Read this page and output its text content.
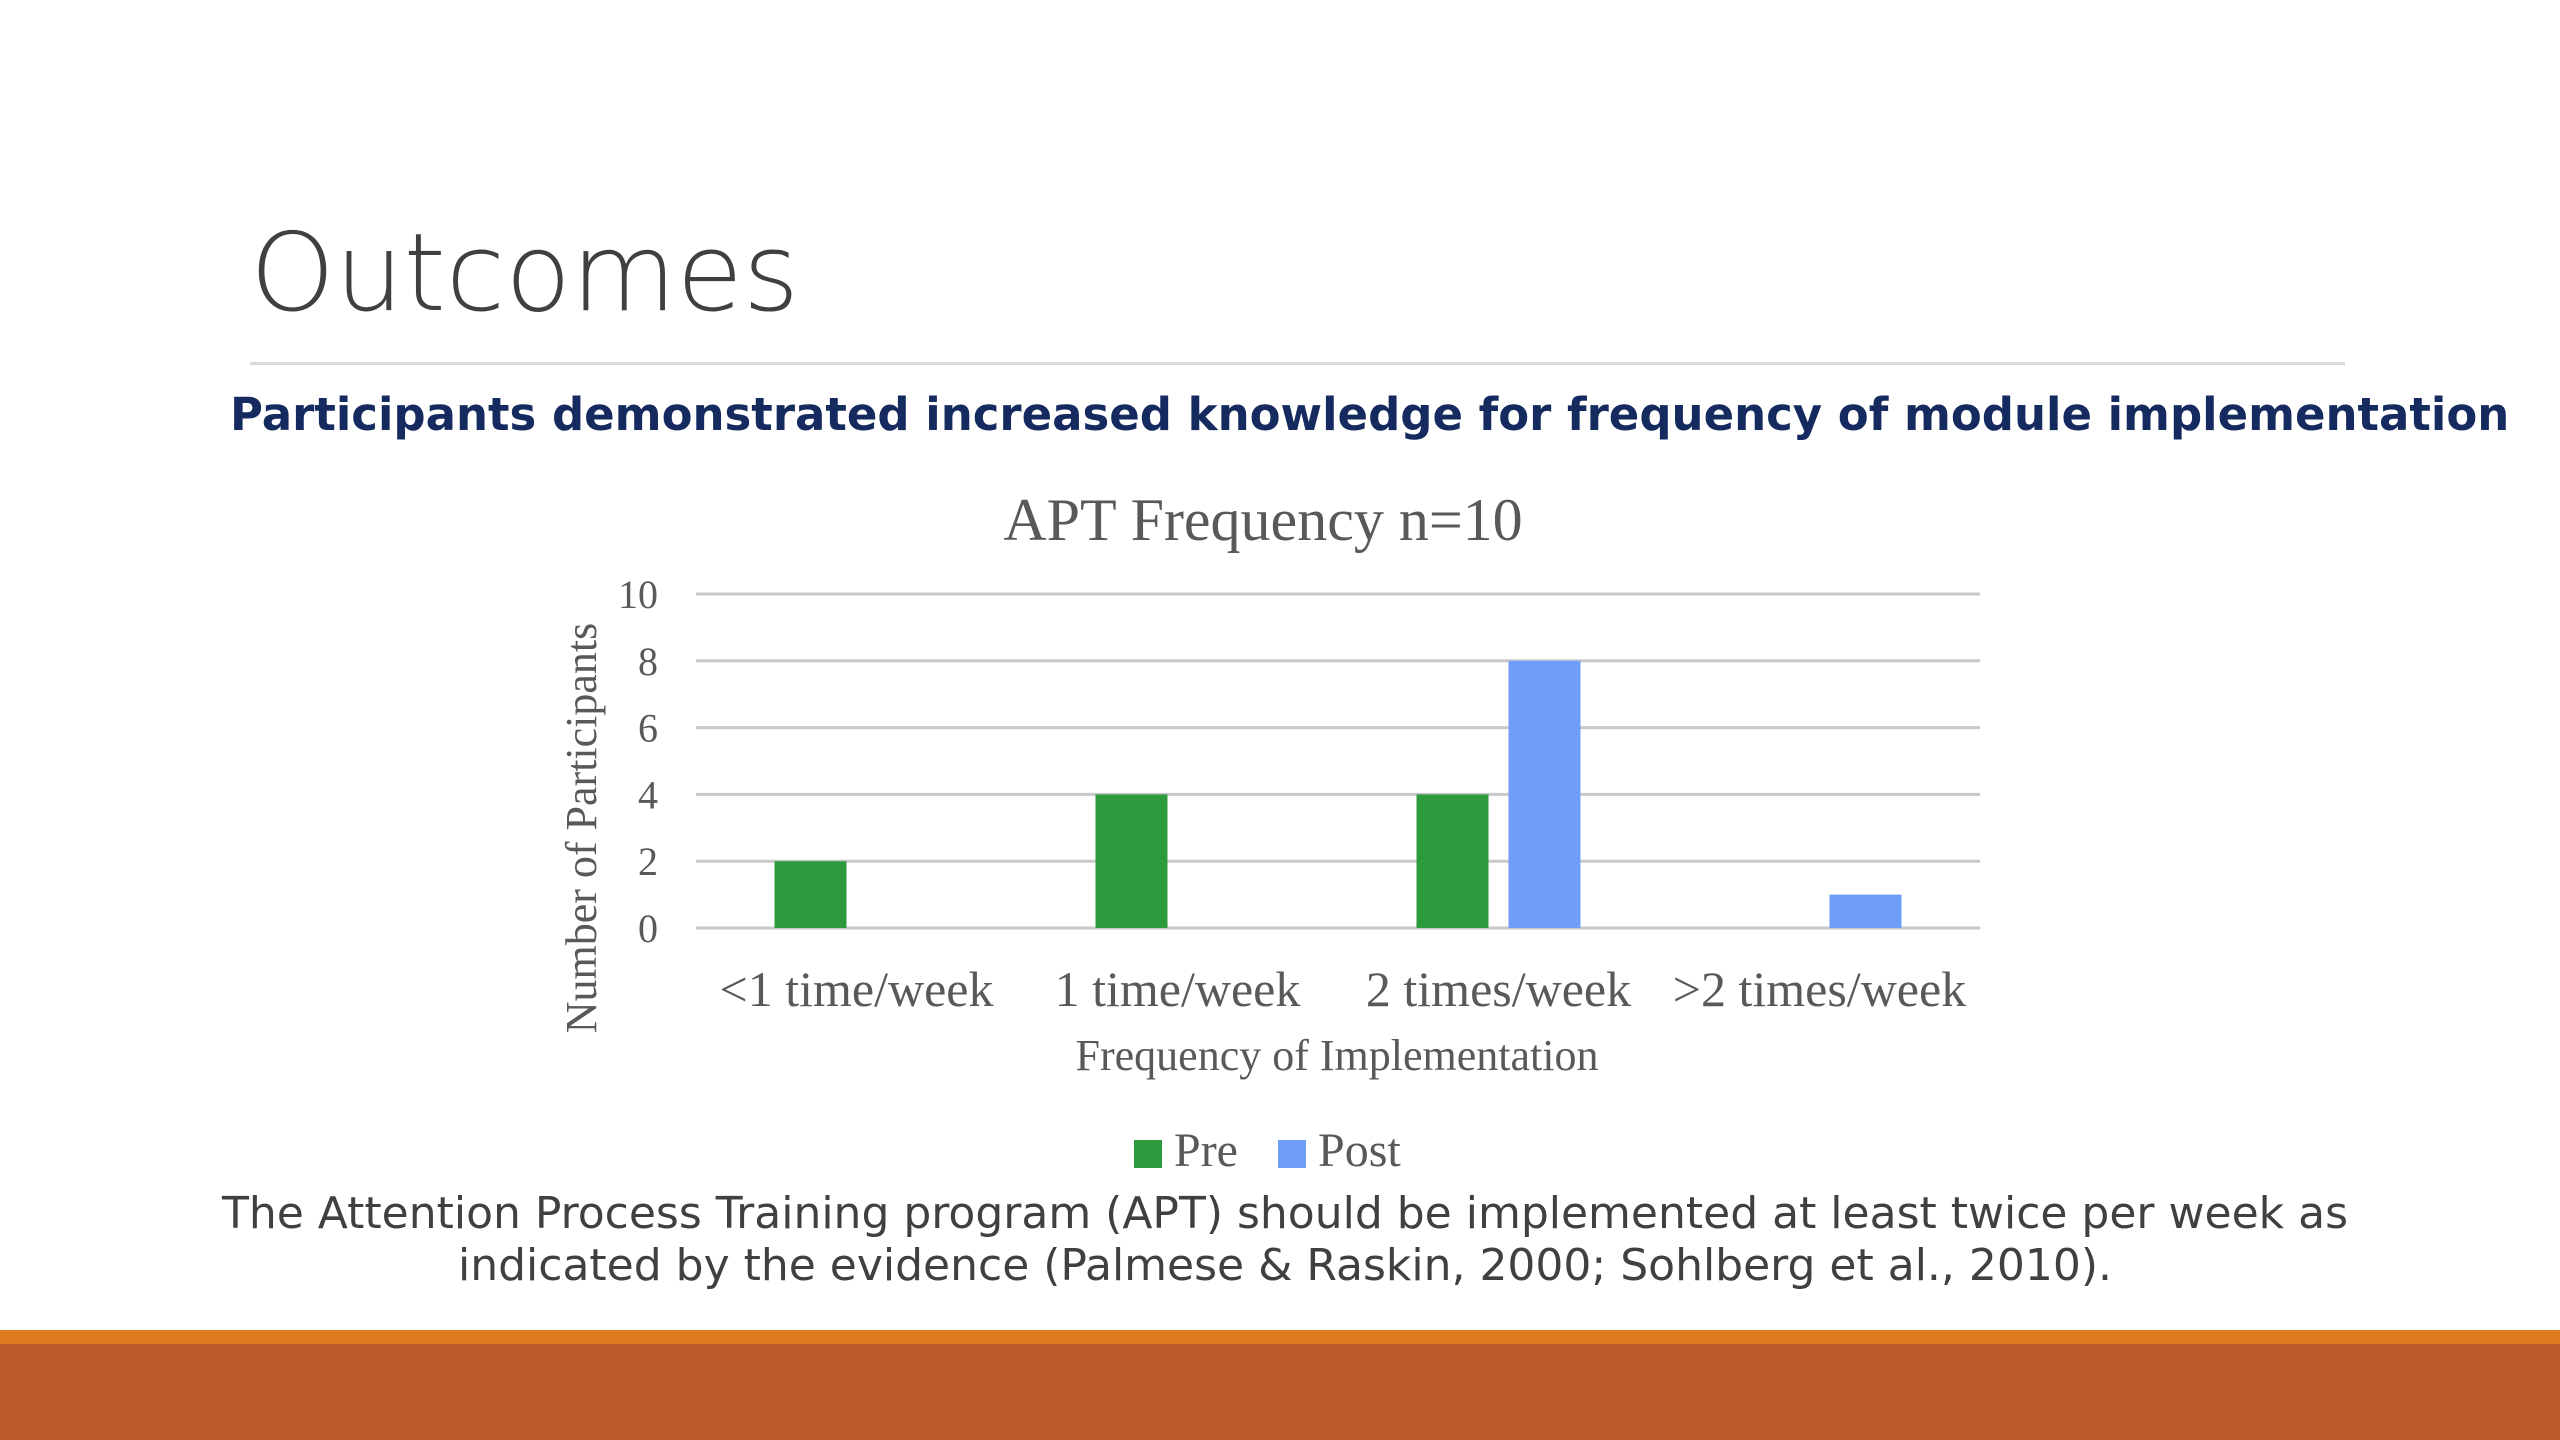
Outcomes
Participants demonstrated increased knowledge for frequency of module implementation
0
2
4
6
8
10
<1 time/week 1 time/week 2 times/week >2 times/week
APT Frequency n=10
Number of Participants
Frequency of Implementation
Pre Post
The Attention Process Training program (APT) should be implemented at least twice per week as
indicated by the evidence (Palmese & Raskin, 2000; Sohlberg et al., 2010).
